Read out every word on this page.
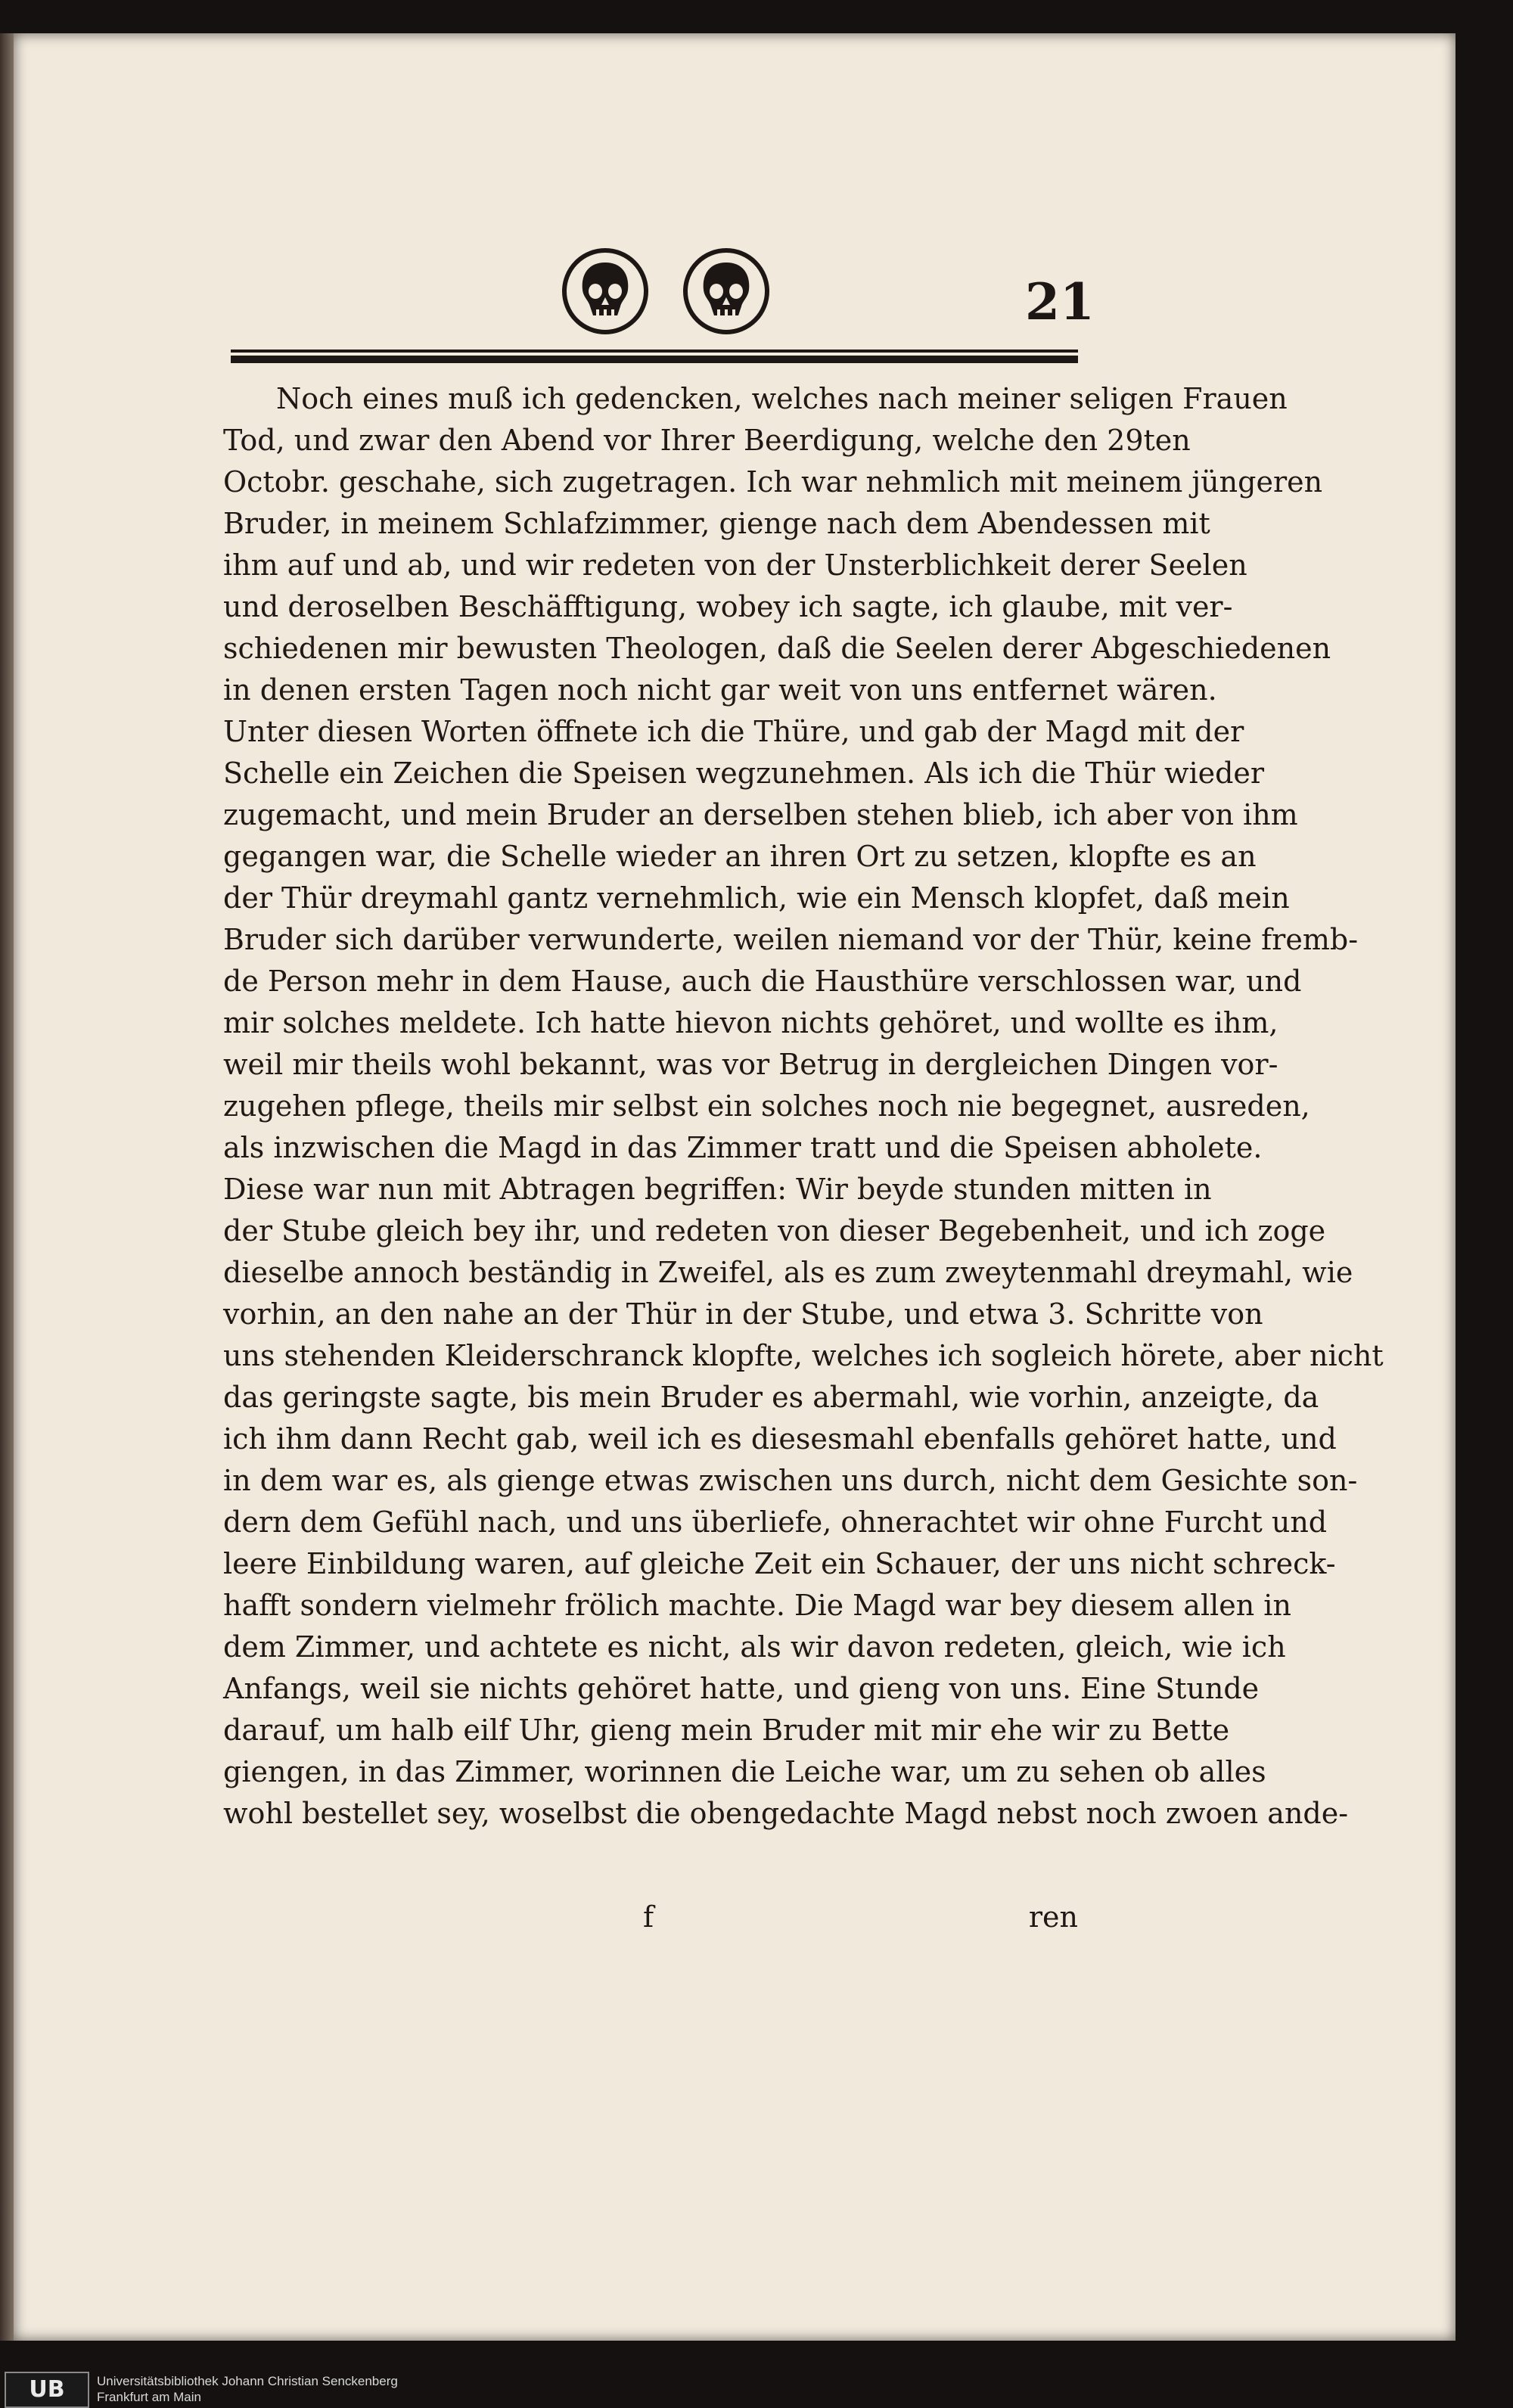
21
Noch eines muß ich gedencken, welches nach meiner seligen Frauen
Tod, und zwar den Abend vor Ihrer Beerdigung, welche den 29ten
Octobr. geschahe, sich zugetragen. Ich war nehmlich mit meinem jüngeren
Bruder, in meinem Schlafzimmer, gienge nach dem Abendessen mit
ihm auf und ab, und wir redeten von der Unsterblichkeit derer Seelen
und deroselben Beschäfftigung, wobey ich sagte, ich glaube, mit ver-
schiedenen mir bewusten Theologen, daß die Seelen derer Abgeschiedenen
in denen ersten Tagen noch nicht gar weit von uns entfernet wären.
Unter diesen Worten öffnete ich die Thüre, und gab der Magd mit der
Schelle ein Zeichen die Speisen wegzunehmen. Als ich die Thür wieder
zugemacht, und mein Bruder an derselben stehen blieb, ich aber von ihm
gegangen war, die Schelle wieder an ihren Ort zu setzen, klopfte es an
der Thür dreymahl gantz vernehmlich, wie ein Mensch klopfet, daß mein
Bruder sich darüber verwunderte, weilen niemand vor der Thür, keine fremb-
de Person mehr in dem Hause, auch die Hausthüre verschlossen war, und
mir solches meldete. Ich hatte hievon nichts gehöret, und wollte es ihm,
weil mir theils wohl bekannt, was vor Betrug in dergleichen Dingen vor-
zugehen pflege, theils mir selbst ein solches noch nie begegnet, ausreden,
als inzwischen die Magd in das Zimmer tratt und die Speisen abholete.
Diese war nun mit Abtragen begriffen: Wir beyde stunden mitten in
der Stube gleich bey ihr, und redeten von dieser Begebenheit, und ich zoge
dieselbe annoch beständig in Zweifel, als es zum zweytenmahl dreymahl, wie
vorhin, an den nahe an der Thür in der Stube, und etwa 3. Schritte von
uns stehenden Kleiderschranck klopfte, welches ich sogleich hörete, aber nicht
das geringste sagte, bis mein Bruder es abermahl, wie vorhin, anzeigte, da
ich ihm dann Recht gab, weil ich es diesesmahl ebenfalls gehöret hatte, und
in dem war es, als gienge etwas zwischen uns durch, nicht dem Gesichte son-
dern dem Gefühl nach, und uns überliefe, ohnerachtet wir ohne Furcht und
leere Einbildung waren, auf gleiche Zeit ein Schauer, der uns nicht schreck-
hafft sondern vielmehr frölich machte. Die Magd war bey diesem allen in
dem Zimmer, und achtete es nicht, als wir davon redeten, gleich, wie ich
Anfangs, weil sie nichts gehöret hatte, und gieng von uns. Eine Stunde
darauf, um halb eilf Uhr, gieng mein Bruder mit mir ehe wir zu Bette
giengen, in das Zimmer, worinnen die Leiche war, um zu sehen ob alles
wohl bestellet sey, woselbst die obengedachte Magd nebst noch zwoen ande-
f	ren
UB	Universitätsbibliothek Johann Christian Senckenberg
Frankfurt am Main
